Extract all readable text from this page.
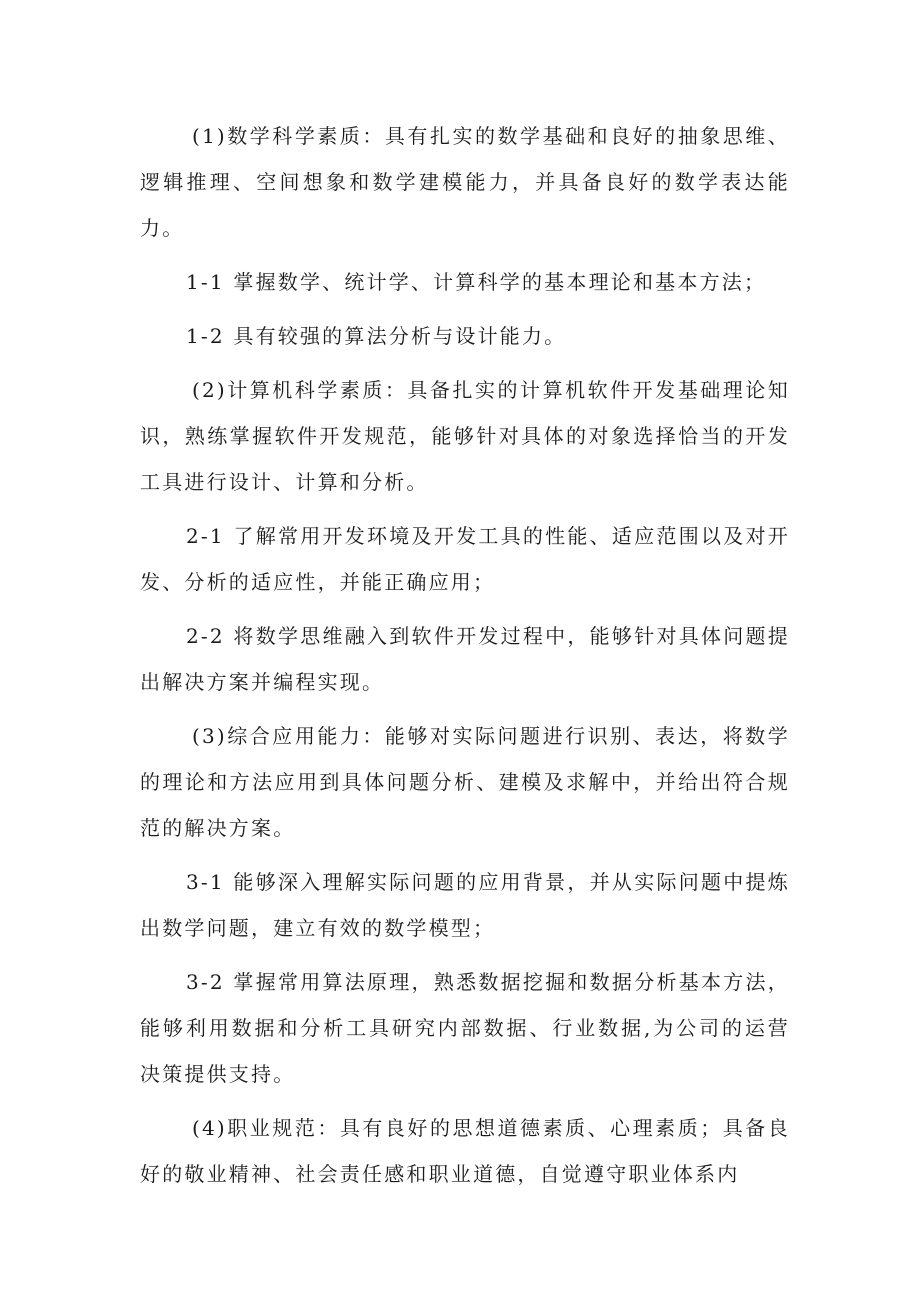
(1)数学科学素质：具有扎实的数学基础和良好的抽象思维、逻辑推理、空间想象和数学建模能力，并具备良好的数学表达能力。

1-1 掌握数学、统计学、计算科学的基本理论和基本方法；

1-2 具有较强的算法分析与设计能力。

(2)计算机科学素质：具备扎实的计算机软件开发基础理论知识，熟练掌握软件开发规范，能够针对具体的对象选择恰当的开发工具进行设计、计算和分析。

2-1 了解常用开发环境及开发工具的性能、适应范围以及对开发、分析的适应性，并能正确应用；

2-2 将数学思维融入到软件开发过程中，能够针对具体问题提出解决方案并编程实现。

(3)综合应用能力：能够对实际问题进行识别、表达，将数学的理论和方法应用到具体问题分析、建模及求解中，并给出符合规范的解决方案。

3-1 能够深入理解实际问题的应用背景，并从实际问题中提炼出数学问题，建立有效的数学模型；

3-2 掌握常用算法原理，熟悉数据挖掘和数据分析基本方法，能够利用数据和分析工具研究内部数据、行业数据,为公司的运营决策提供支持。

(4)职业规范：具有良好的思想道德素质、心理素质；具备良好的敬业精神、社会责任感和职业道德，自觉遵守职业体系内
